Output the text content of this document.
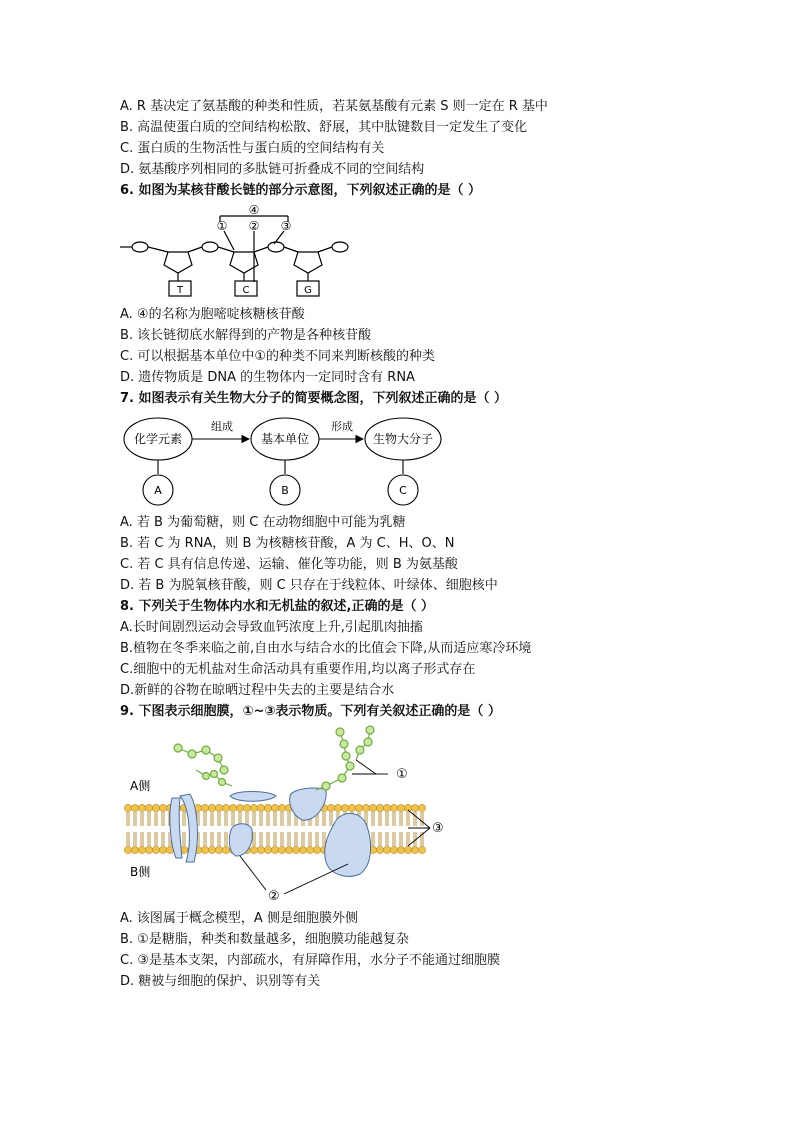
A. R 基决定了氨基酸的种类和性质，若某氨基酸有元素 S 则一定在 R 基中
B. 高温使蛋白质的空间结构松散、舒展，其中肽键数目一定发生了变化
C. 蛋白质的生物活性与蛋白质的空间结构有关
D. 氨基酸序列相同的多肽链可折叠成不同的空间结构
6. 如图为某核苷酸长链的部分示意图，下列叙述正确的是（ ）
④
① ② ③
T	C	G
A. ④的名称为胞嘧啶核糖核苷酸
B. 该长链彻底水解得到的产物是各种核苷酸
C. 可以根据基本单位中①的种类不同来判断核酸的种类
D. 遗传物质是 DNA 的生物体内一定同时含有 RNA
7. 如图表示有关生物大分子的简要概念图，下列叙述正确的是（ ）
化学元素	基本单位	生物大分子
组成	形成
A	B	C
A. 若 B 为葡萄糖，则 C 在动物细胞中可能为乳糖
B. 若 C 为 RNA，则 B 为核糖核苷酸，A 为 C、H、O、N
C. 若 C 具有信息传递、运输、催化等功能，则 B 为氨基酸
D. 若 B 为脱氧核苷酸，则 C 只存在于线粒体、叶绿体、细胞核中
8. 下列关于生物体内水和无机盐的叙述,正确的是（ ）
A.长时间剧烈运动会导致血钙浓度上升,引起肌肉抽搐
B.植物在冬季来临之前,自由水与结合水的比值会下降,从而适应寒冷环境
C.细胞中的无机盐对生命活动具有重要作用,均以离子形式存在
D.新鲜的谷物在晾晒过程中失去的主要是结合水
9. 下图表示细胞膜，①~③表示物质。下列有关叙述正确的是（ ）
A侧
B侧
①
②
③
A. 该图属于概念模型，A 侧是细胞膜外侧
B. ①是糖脂，种类和数量越多，细胞膜功能越复杂
C. ③是基本支架，内部疏水，有屏障作用，水分子不能通过细胞膜
D. 糖被与细胞的保护、识别等有关
